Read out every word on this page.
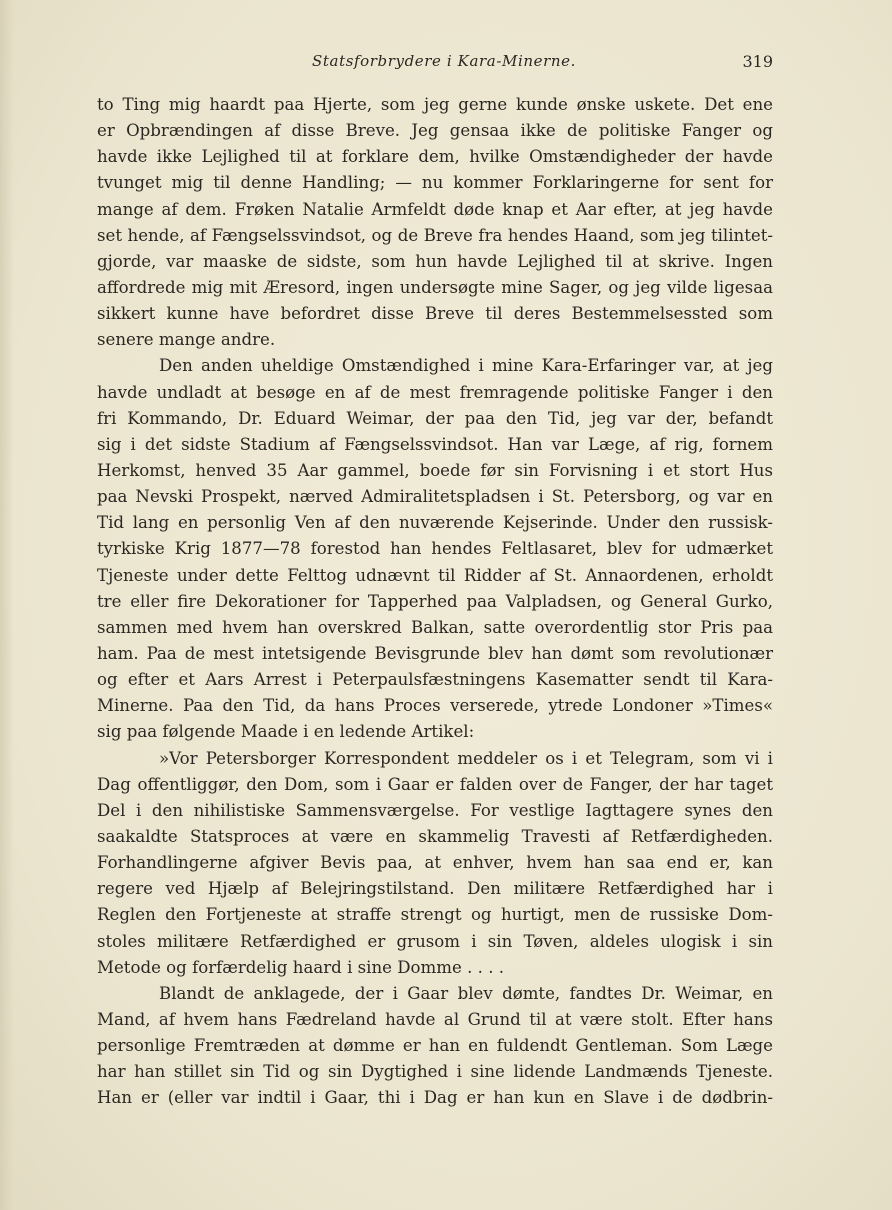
Statsforbrydere i Kara-Minerne.	319
to Ting mig haardt paa Hjerte, som jeg gerne kunde ønske uskete. Det ene
er Opbrændingen af disse Breve. Jeg gensaa ikke de politiske Fanger og
havde ikke Lejlighed til at forklare dem, hvilke Omstændigheder der havde
tvunget mig til denne Handling; — nu kommer Forklaringerne for sent for
mange af dem. Frøken Natalie Armfeldt døde knap et Aar efter, at jeg havde
set hende, af Fængselssvindsot, og de Breve fra hendes Haand, som jeg tilintet-
gjorde, var maaske de sidste, som hun havde Lejlighed til at skrive. Ingen
affordrede mig mit Æresord, ingen undersøgte mine Sager, og jeg vilde ligesaa
sikkert kunne have befordret disse Breve til deres Bestemmelsessted som
senere mange andre.
Den anden uheldige Omstændighed i mine Kara-Erfaringer var, at jeg
havde undladt at besøge en af de mest fremragende politiske Fanger i den
fri Kommando, Dr. Eduard Weimar, der paa den Tid, jeg var der, befandt
sig i det sidste Stadium af Fængselssvindsot. Han var Læge, af rig, fornem
Herkomst, henved 35 Aar gammel, boede før sin Forvisning i et stort Hus
paa Nevski Prospekt, nærved Admiralitetspladsen i St. Petersborg, og var en
Tid lang en personlig Ven af den nuværende Kejserinde. Under den russisk-
tyrkiske Krig 1877—78 forestod han hendes Feltlasaret, blev for udmærket
Tjeneste under dette Felttog udnævnt til Ridder af St. Annaordenen, erholdt
tre eller fire Dekorationer for Tapperhed paa Valpladsen, og General Gurko,
sammen med hvem han overskred Balkan, satte overordentlig stor Pris paa
ham. Paa de mest intetsigende Bevisgrunde blev han dømt som revolutionær
og efter et Aars Arrest i Peterpaulsfæstningens Kasematter sendt til Kara-
Minerne. Paa den Tid, da hans Proces verserede, ytrede Londoner »Times«
sig paa følgende Maade i en ledende Artikel:
»Vor Petersborger Korrespondent meddeler os i et Telegram, som vi i
Dag offentliggør, den Dom, som i Gaar er falden over de Fanger, der har taget
Del i den nihilistiske Sammensværgelse. For vestlige Iagttagere synes den
saakaldte Statsproces at være en skammelig Travesti af Retfærdigheden.
Forhandlingerne afgiver Bevis paa, at enhver, hvem han saa end er, kan
regere ved Hjælp af Belejringstilstand. Den militære Retfærdighed har i
Reglen den Fortjeneste at straffe strengt og hurtigt, men de russiske Dom-
stoles militære Retfærdighed er grusom i sin Tøven, aldeles ulogisk i sin
Metode og forfærdelig haard i sine Domme . . . .
Blandt de anklagede, der i Gaar blev dømte, fandtes Dr. Weimar, en
Mand, af hvem hans Fædreland havde al Grund til at være stolt. Efter hans
personlige Fremtræden at dømme er han en fuldendt Gentleman. Som Læge
har han stillet sin Tid og sin Dygtighed i sine lidende Landmænds Tjeneste.
Han er (eller var indtil i Gaar, thi i Dag er han kun en Slave i de dødbrin-
